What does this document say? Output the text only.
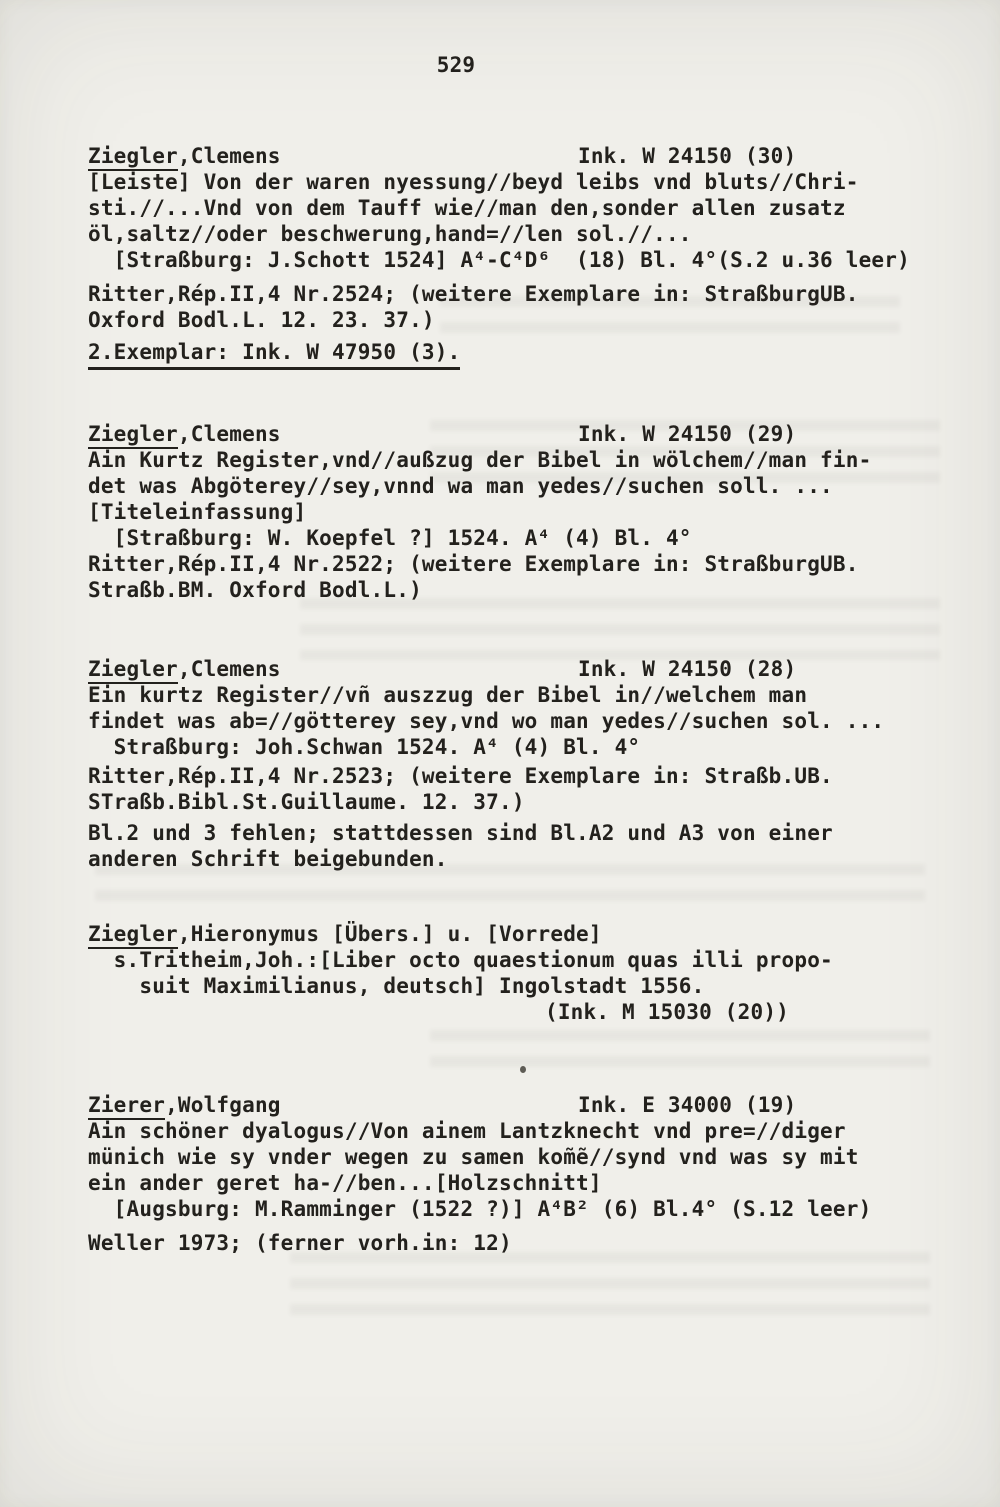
529
Ziegler,Clemens	Ink. W 24150 (30)
[Leiste] Von der waren nyessung//beyd leibs vnd bluts//Chri-
sti.//...Vnd von dem Tauff wie//man den,sonder allen zusatz
öl,saltz//oder beschwerung,hand=//len sol.//...
[Straßburg: J.Schott 1524] A⁴-C⁴D⁶  (18) Bl. 4°(S.2 u.36 leer)
Ritter,Rép.II,4 Nr.2524; (weitere Exemplare in: StraßburgUB.
Oxford Bodl.L. 12. 23. 37.)
2.Exemplar: Ink. W 47950 (3).
Ziegler,Clemens	Ink. W 24150 (29)
Ain Kurtz Register,vnd//außzug der Bibel in wölchem//man fin-
det was Abgöterey//sey,vnnd wa man yedes//suchen soll. ...
[Titeleinfassung]
[Straßburg: W. Koepfel ?] 1524. A⁴ (4) Bl. 4°
Ritter,Rép.II,4 Nr.2522; (weitere Exemplare in: StraßburgUB.
Straßb.BM. Oxford Bodl.L.)
Ziegler,Clemens	Ink. W 24150 (28)
Ein kurtz Register//vñ auszzug der Bibel in//welchem man
findet was ab=//götterey sey,vnd wo man yedes//suchen sol. ...
Straßburg: Joh.Schwan 1524. A⁴ (4) Bl. 4°
Ritter,Rép.II,4 Nr.2523; (weitere Exemplare in: Straßb.UB.
STraßb.Bibl.St.Guillaume. 12. 37.)
Bl.2 und 3 fehlen; stattdessen sind Bl.A2 und A3 von einer
anderen Schrift beigebunden.
Ziegler,Hieronymus [Übers.] u. [Vorrede]
s.Tritheim,Joh.:[Liber octo quaestionum quas illi propo-
suit Maximilianus, deutsch] Ingolstadt 1556.
(Ink. M 15030 (20))
Zierer,Wolfgang	Ink. E 34000 (19)
Ain schöner dyalogus//Von ainem Lantzknecht vnd pre=//diger
münich wie sy vnder wegen zu samen kom̃ẽ//synd vnd was sy mit
ein ander geret ha-//ben...[Holzschnitt]
[Augsburg: M.Ramminger (1522 ?)] A⁴B² (6) Bl.4° (S.12 leer)
Weller 1973; (ferner vorh.in: 12)
